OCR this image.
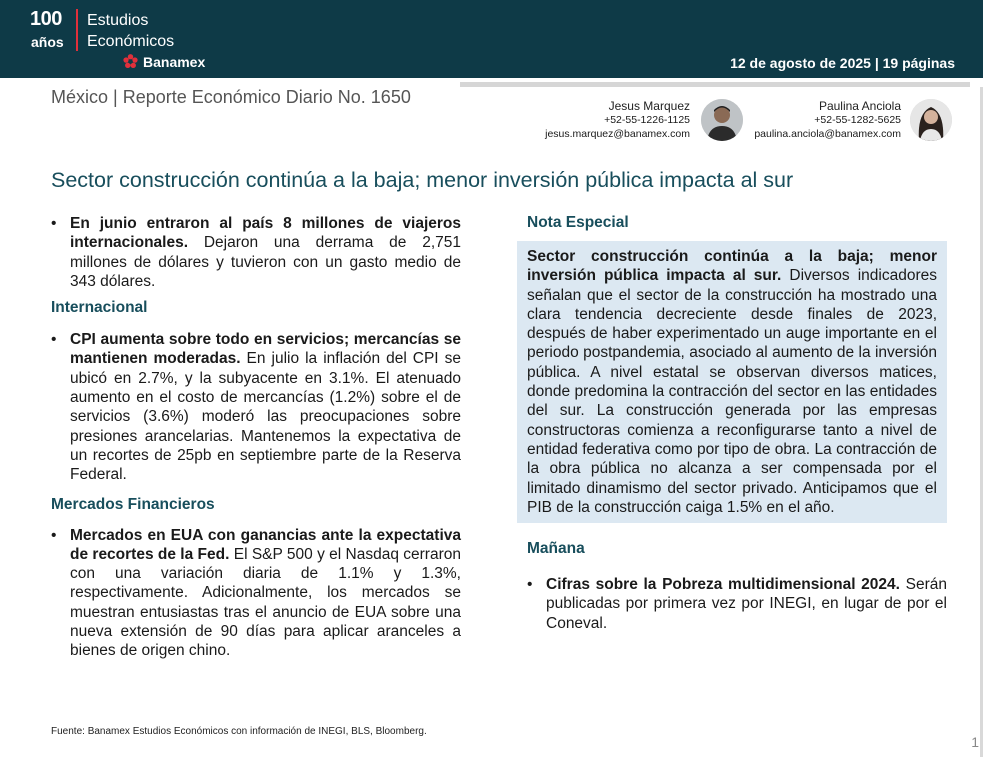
100
años
Estudios
Económicos
Banamex	12 de agosto de 2025 | 19 páginas
México | Reporte Económico Diario No. 1650	Jesus Marquez
+52-55-1226-1125
jesus.marquez@banamex.com
Paulina Anciola
+52-55-1282-5625
paulina.anciola@banamex.com
Sector construcción continúa a la baja; menor inversión pública impacta al sur
• En junio entraron al país 8 millones de viajeros internacionales. Dejaron una derrama de 2,751 millones de dólares y tuvieron con un gasto medio de 343 dólares.
Internacional
• CPI aumenta sobre todo en servicios; mercancías se mantienen moderadas. En julio la inflación del CPI se ubicó en 2.7%, y la subyacente en 3.1%. El atenuado aumento en el costo de mercancías (1.2%) sobre el de servicios (3.6%) moderó las preocupaciones sobre presiones arancelarias. Mantenemos la expectativa de un recortes de 25pb en septiembre parte de la Reserva Federal.
Mercados Financieros
• Mercados en EUA con ganancias ante la expectativa de recortes de la Fed. El S&P 500 y el Nasdaq cerraron con una variación diaria de 1.1% y 1.3%, respectivamente. Adicionalmente, los mercados se muestran entusiastas tras el anuncio de EUA sobre una nueva extensión de 90 días para aplicar aranceles a bienes de origen chino.
Nota Especial
Sector construcción continúa a la baja; menor inversión pública impacta al sur. Diversos indicadores señalan que el sector de la construcción ha mostrado una clara tendencia decreciente desde finales de 2023, después de haber experimentado un auge importante en el periodo postpandemia, asociado al aumento de la inversión pública. A nivel estatal se observan diversos matices, donde predomina la contracción del sector en las entidades del sur. La construcción generada por las empresas constructoras comienza a reconfigurarse tanto a nivel de entidad federativa como por tipo de obra. La contracción de la obra pública no alcanza a ser compensada por el limitado dinamismo del sector privado. Anticipamos que el PIB de la construcción caiga 1.5% en el año.
Mañana
• Cifras sobre la Pobreza multidimensional 2024. Serán publicadas por primera vez por INEGI, en lugar de por el Coneval.
Fuente: Banamex Estudios Económicos con información de INEGI, BLS, Bloomberg.
1
